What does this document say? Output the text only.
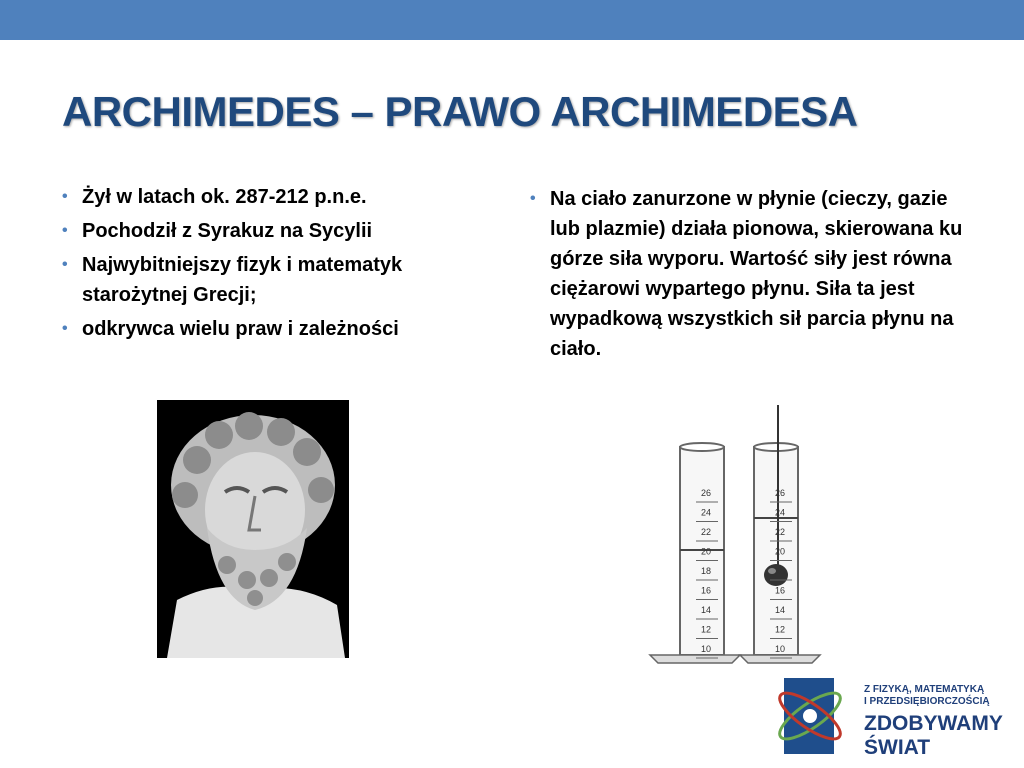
ARCHIMEDES – PRAWO ARCHIMEDESA
• Żył w latach ok. 287-212 p.n.e.
• Pochodził z Syrakuz na Sycylii
• Najwybitniejszy fizyk i matematyk starożytnej Grecji;
• odkrywca wielu praw i zależności
• Na ciało zanurzone w płynie (cieczy, gazie lub plazmie) działa pionowa, skierowana ku górze siła wyporu. Wartość siły jest równa ciężarowi wypartego płynu. Siła ta jest wypadkową wszystkich sił parcia płynu na ciało.
26
24
22
20
18
16
14
12
10
26
24
22
20
18
16
14
12
10
Z FIZYKĄ, MATEMATYKĄ
I PRZEDSIĘBIORCZOŚCIĄ
ZDOBYWAMY
ŚWIAT
